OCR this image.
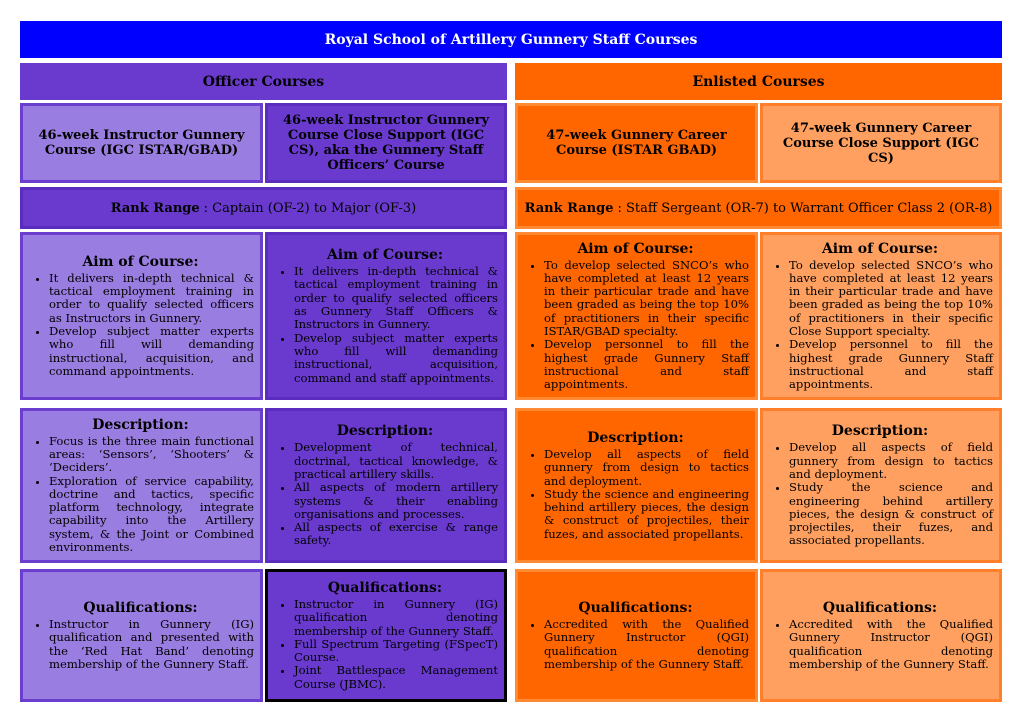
Royal School of Artillery Gunnery Staff Courses
Officer Courses	Enlisted Courses
46-week Instructor Gunnery Course (IGC ISTAR/GBAD)
46-week Instructor Gunnery Course Close Support (IGC CS), aka the Gunnery Staff Officers’ Course
47-week Gunnery Career Course (ISTAR GBAD)
47-week Gunnery Career Course Close Support (IGC CS)
Rank Range : Captain (OF-2) to Major (OF-3)	Rank Range : Staff Sergeant (OR-7) to Warrant Officer Class 2 (OR-8)
Aim of Course:
• It delivers in-depth technical & tactical employment training in order to qualify selected officers as Instructors in Gunnery.
• Develop subject matter experts who fill will demanding instructional, acquisition, and command appointments.
Aim of Course:
• It delivers in-depth technical & tactical employment training in order to qualify selected officers as Gunnery Staff Officers & Instructors in Gunnery.
• Develop subject matter experts who fill will demanding instructional, acquisition, command and staff appointments.
Aim of Course:
• To develop selected SNCO’s who have completed at least 12 years in their particular trade and have been graded as being the top 10% of practitioners in their specific ISTAR/GBAD specialty.
• Develop personnel to fill the highest grade Gunnery Staff instructional and staff appointments.
Aim of Course:
• To develop selected SNCO’s who have completed at least 12 years in their particular trade and have been graded as being the top 10% of practitioners in their specific Close Support specialty.
• Develop personnel to fill the highest grade Gunnery Staff instructional and staff appointments.
Description:
• Focus is the three main functional areas: ‘Sensors’, ‘Shooters’ & ‘Deciders’.
• Exploration of service capability, doctrine and tactics, specific platform technology, integrate capability into the Artillery system, & the Joint or Combined environments.
Description:
• Development of technical, doctrinal, tactical knowledge, & practical artillery skills.
• All aspects of modern artillery systems & their enabling organisations and processes.
• All aspects of exercise & range safety.
Description:
• Develop all aspects of field gunnery from design to tactics and deployment.
• Study the science and engineering behind artillery pieces, the design & construct of projectiles, their fuzes, and associated propellants.
Description:
• Develop all aspects of field gunnery from design to tactics and deployment.
• Study the science and engineering behind artillery pieces, the design & construct of projectiles, their fuzes, and associated propellants.
Qualifications:
• Instructor in Gunnery (IG) qualification and presented with the ‘Red Hat Band’ denoting membership of the Gunnery Staff.
Qualifications:
• Instructor in Gunnery (IG) qualification denoting membership of the Gunnery Staff.
• Full Spectrum Targeting (FSpecT) Course.
• Joint Battlespace Management Course (JBMC).
Qualifications:
• Accredited with the Qualified Gunnery Instructor (QGI) qualification denoting membership of the Gunnery Staff.
Qualifications:
• Accredited with the Qualified Gunnery Instructor (QGI) qualification denoting membership of the Gunnery Staff.
